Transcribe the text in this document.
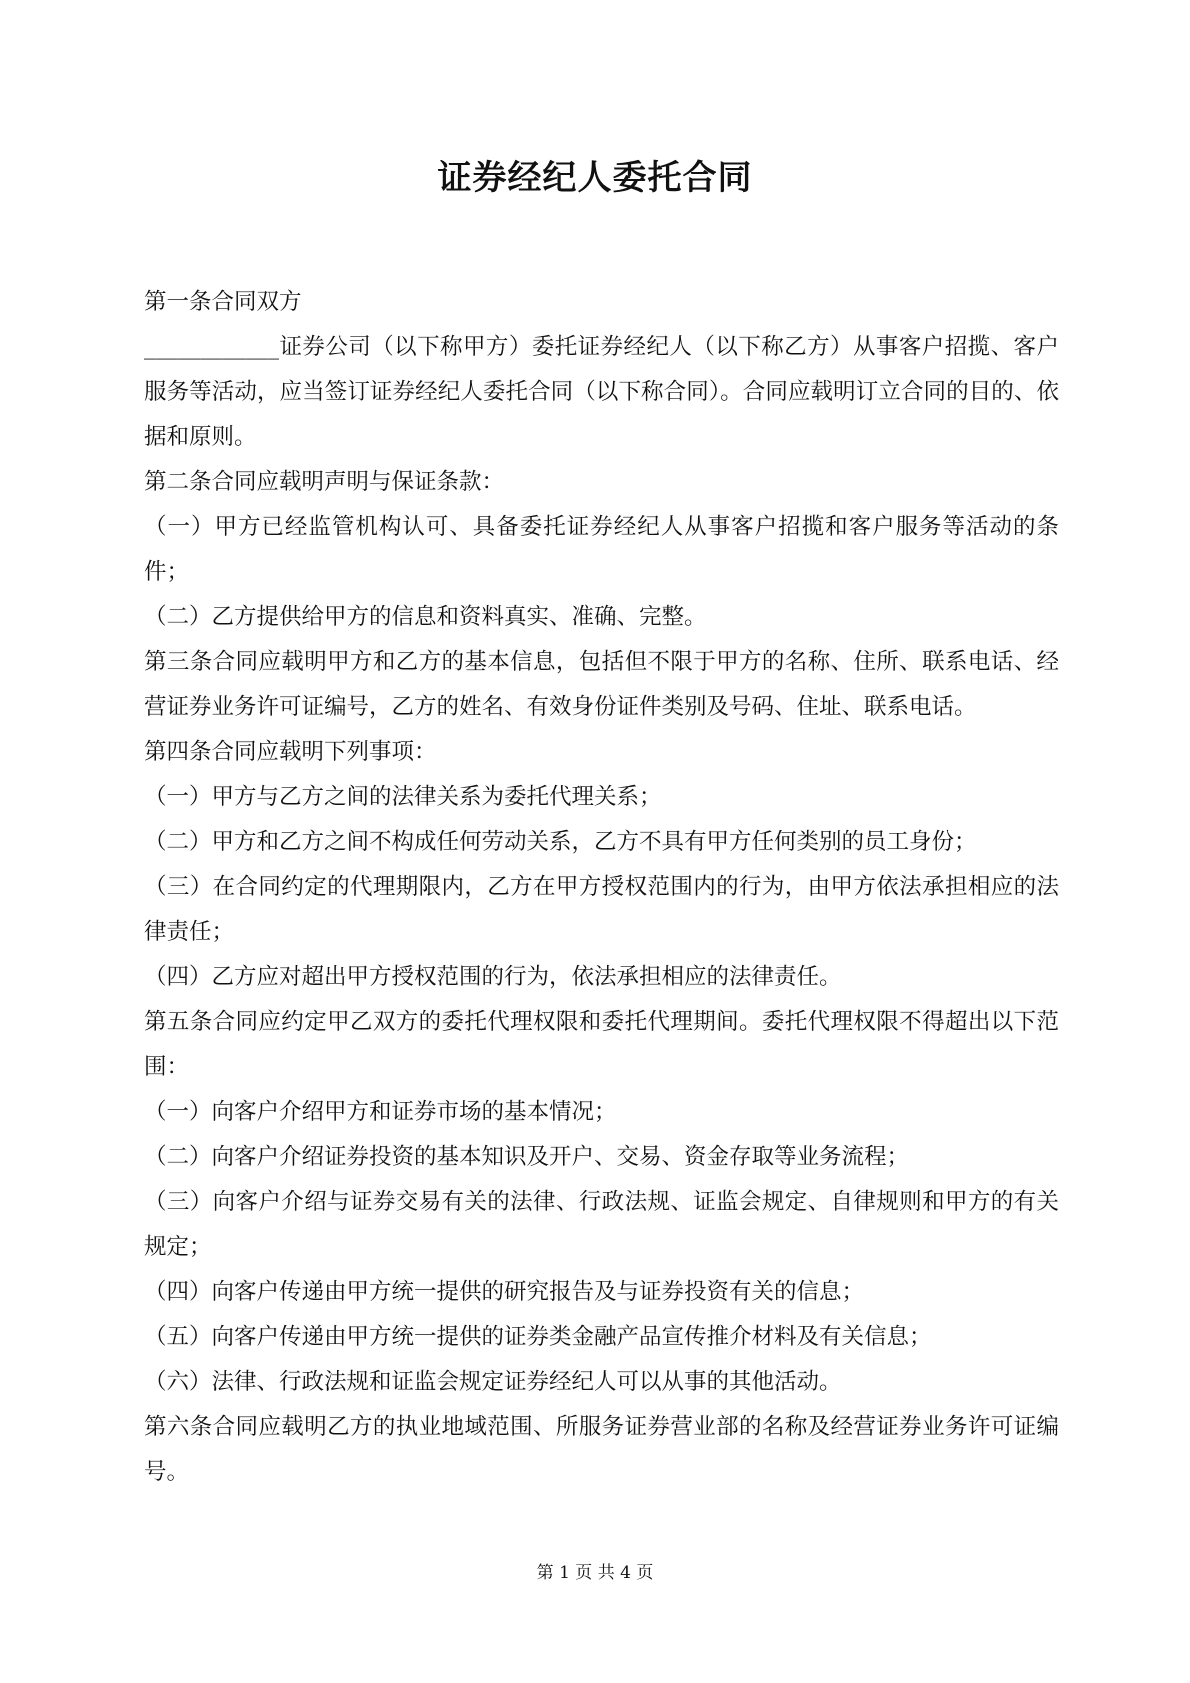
证券经纪人委托合同

第一条合同双方

____________证券公司（以下称甲方）委托证券经纪人（以下称乙方）从事客户招揽、客户服务等活动，应当签订证券经纪人委托合同（以下称合同）。合同应载明订立合同的目的、依据和原则。

第二条合同应载明声明与保证条款：

（一）甲方已经监管机构认可、具备委托证券经纪人从事客户招揽和客户服务等活动的条件；

（二）乙方提供给甲方的信息和资料真实、准确、完整。

第三条合同应载明甲方和乙方的基本信息，包括但不限于甲方的名称、住所、联系电话、经营证券业务许可证编号，乙方的姓名、有效身份证件类别及号码、住址、联系电话。

第四条合同应载明下列事项：

（一）甲方与乙方之间的法律关系为委托代理关系；

（二）甲方和乙方之间不构成任何劳动关系，乙方不具有甲方任何类别的员工身份；

（三）在合同约定的代理期限内，乙方在甲方授权范围内的行为，由甲方依法承担相应的法律责任；

（四）乙方应对超出甲方授权范围的行为，依法承担相应的法律责任。

第五条合同应约定甲乙双方的委托代理权限和委托代理期间。委托代理权限不得超出以下范围：

（一）向客户介绍甲方和证券市场的基本情况；

（二）向客户介绍证券投资的基本知识及开户、交易、资金存取等业务流程；

（三）向客户介绍与证券交易有关的法律、行政法规、证监会规定、自律规则和甲方的有关规定；

（四）向客户传递由甲方统一提供的研究报告及与证券投资有关的信息；

（五）向客户传递由甲方统一提供的证券类金融产品宣传推介材料及有关信息；

（六）法律、行政法规和证监会规定证券经纪人可以从事的其他活动。

第六条合同应载明乙方的执业地域范围、所服务证券营业部的名称及经营证券业务许可证编号。

第 1 页 共 4 页
